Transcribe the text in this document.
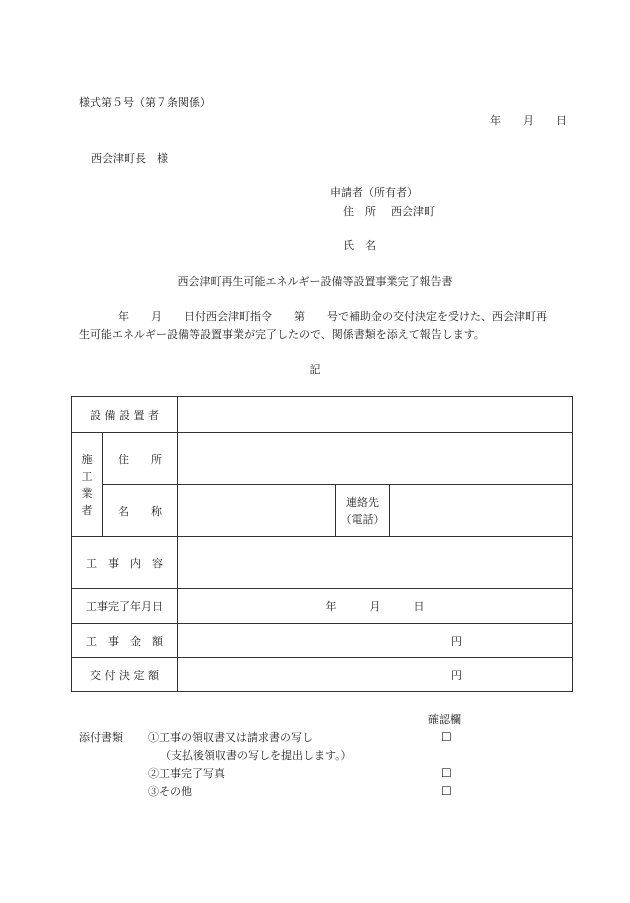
様式第５号（第７条関係）
年　　月　　日
西会津町長　様
申請者（所有者）
住　所 西会津町
氏　名
西会津町再生可能エネルギー設備等設置事業完了報告書
年　　月　　日付西会津町指令　　第　　号で補助金の交付決定を受けた、西会津町再
生可能エネルギー設備等設置事業が完了したので、関係書類を添えて報告します。
記
設 備 設 置 者				
施工業者	住　　所			
	名　　称		連絡先
（電話）	

工　事　内　容				
工事完了年月日		年　　　月　　　日		
工　事　金　額		円		
交 付 決 定 額		円		
確認欄
添付書類 ①工事の領収書又は請求書の写し	☐
（支払後領収書の写しを提出します。）
②工事完了写真	☐
③その他	☐
